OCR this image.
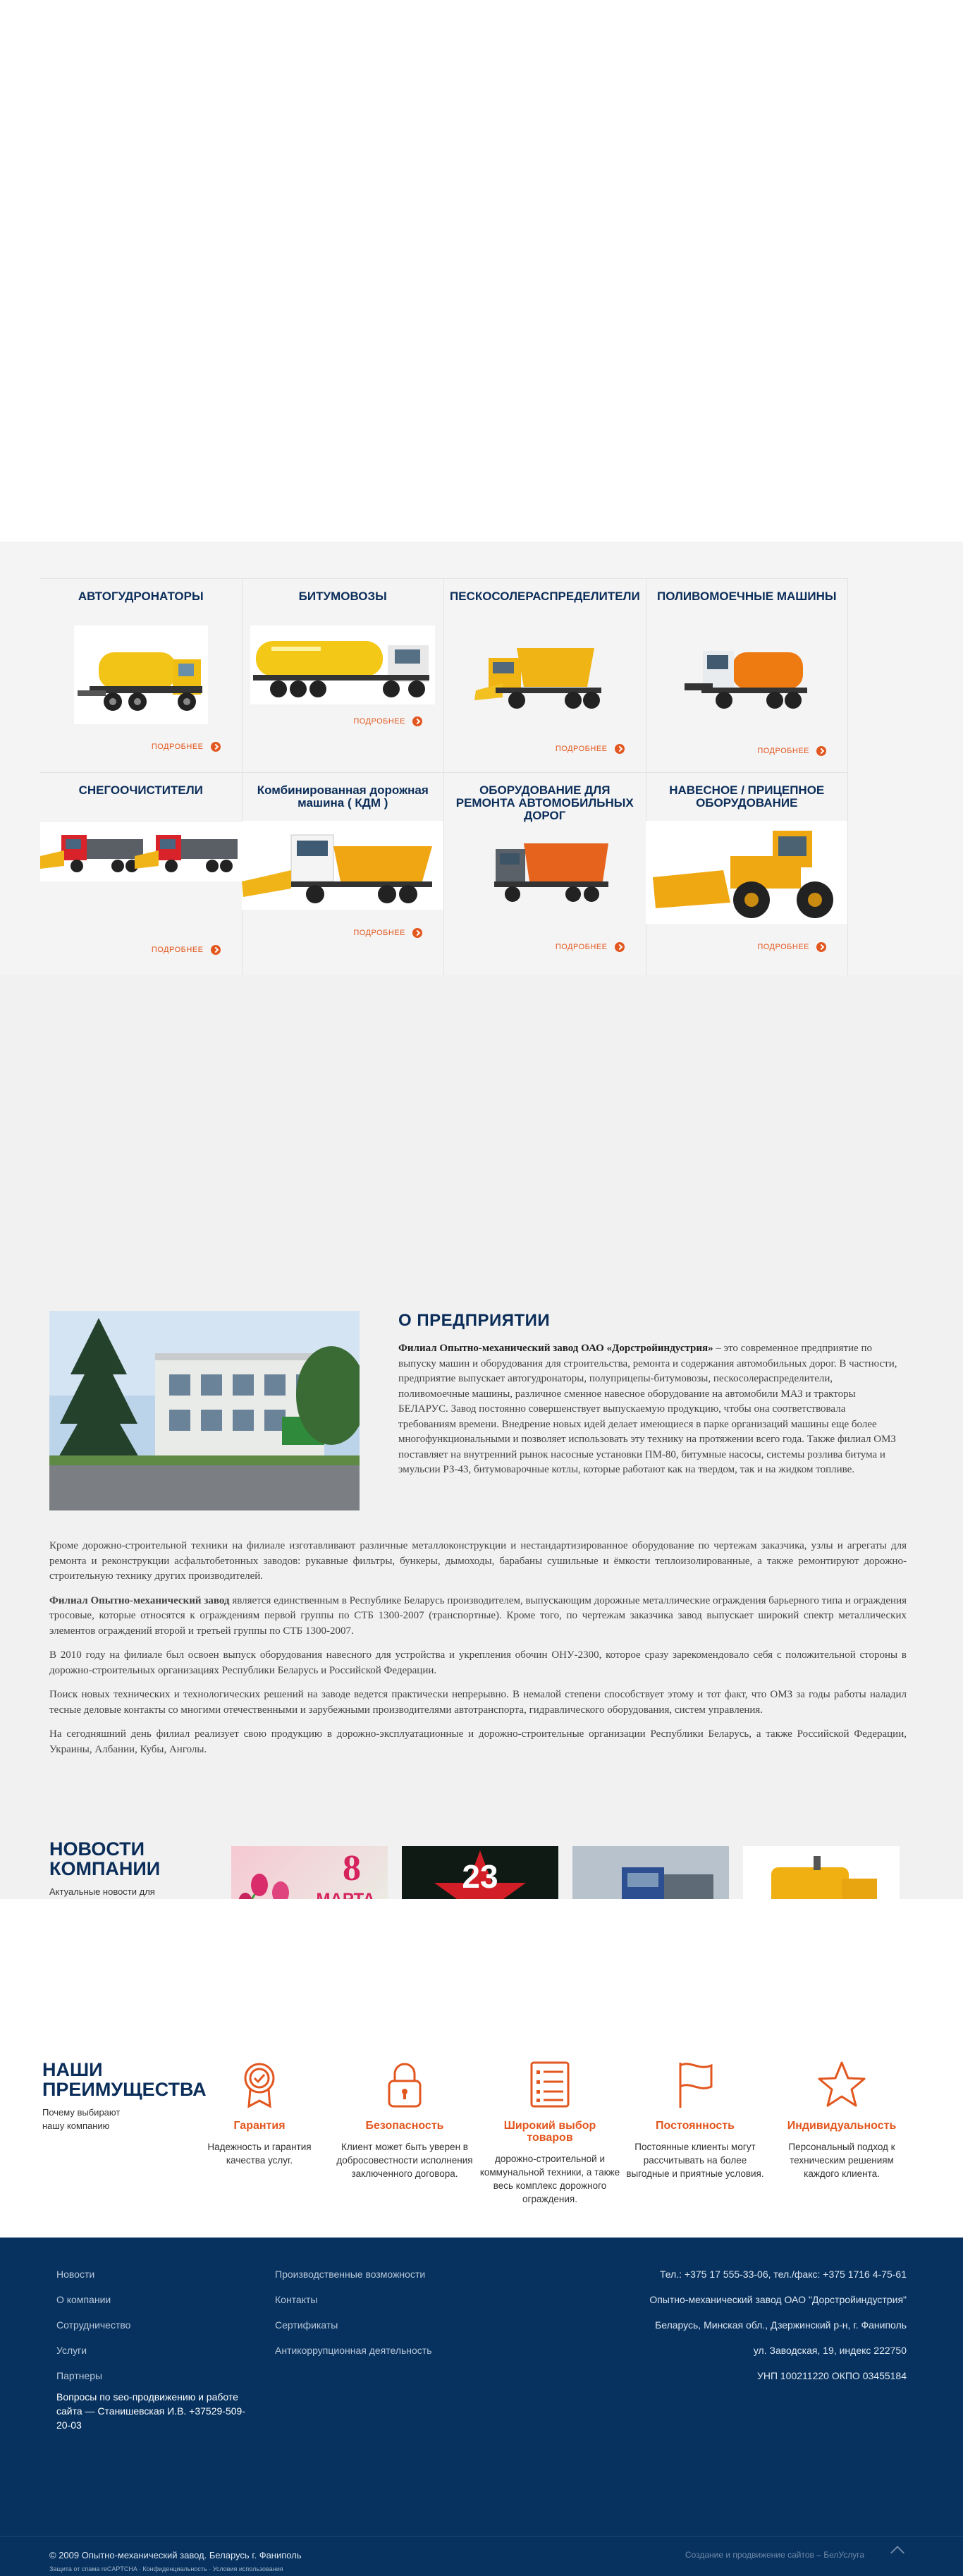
АВТОГУДРОНАТОРЫ
ПОДРОБНЕЕ
БИТУМОВОЗЫ
ПОДРОБНЕЕ
ПЕСКОСОЛЕРАСПРЕДЕЛИТЕЛИ
ПОДРОБНЕЕ
ПОЛИВОМОЕЧНЫЕ МАШИНЫ
ПОДРОБНЕЕ
СНЕГООЧИСТИТЕЛИ
ПОДРОБНЕЕ
Комбинированная дорожная машина ( КДМ )
ПОДРОБНЕЕ
ОБОРУДОВАНИЕ ДЛЯ РЕМОНТА АВТОМОБИЛЬНЫХ ДОРОГ
ПОДРОБНЕЕ
НАВЕСНОЕ / ПРИЦЕПНОЕ ОБОРУДОВАНИЕ
ПОДРОБНЕЕ
О ПРЕДПРИЯТИИ
Филиал Опытно-механический завод ОАО «Дорстройиндустрия» – это современное предприятие по выпуску машин и оборудования для строительства, ремонта и содержания автомобильных дорог. В частности, предприятие выпускает автогудронаторы, полуприцепы-битумовозы, пескосолераспределители, поливомоечные машины, различное сменное навесное оборудование на автомобили МАЗ и тракторы БЕЛАРУС. Завод постоянно совершенствует выпускаемую продукцию, чтобы она соответствовала требованиям времени. Внедрение новых идей делает имеющиеся в парке организаций машины еще более многофункциональными и позволяет использовать эту технику на протяжении всего года. Также филиал ОМЗ поставляет на внутренний рынок насосные установки ПМ-80, битумные насосы, системы розлива битума и эмульсии РЗ-43, битумоварочные котлы, которые работают как на твердом, так и на жидком топливе.

Кроме дорожно-строительной техники на филиале изготавливают различные металлоконструкции и нестандартизированное оборудование по чертежам заказчика, узлы и агрегаты для ремонта и реконструкции асфальтобетонных заводов: рукавные фильтры, бункеры, дымоходы, барабаны сушильные и ёмкости теплоизолированные, а также ремонтируют дорожно-строительную технику других производителей.

Филиал Опытно-механический завод является единственным в Республике Беларусь производителем, выпускающим дорожные металлические ограждения барьерного типа и ограждения тросовые, которые относятся к ограждениям первой группы по СТБ 1300-2007 (транспортные). Кроме того, по чертежам заказчика завод выпускает широкий спектр металлических элементов ограждений второй и третьей группы по СТБ 1300-2007.

В 2010 году на филиале был освоен выпуск оборудования навесного для устройства и укрепления обочин ОНУ-2300, которое сразу зарекомендовало себя с положительной стороны в дорожно-строительных организациях Республики Беларусь и Российской Федерации.

Поиск новых технических и технологических решений на заводе ведется практически непрерывно. В немалой степени способствует этому и тот факт, что ОМЗ за годы работы наладил тесные деловые контакты со многими отечественными и зарубежными производителями автотранспорта, гидравлического оборудования, систем управления.

На сегодняшний день филиал реализует свою продукцию в дорожно-эксплуатационные и дорожно-строительные организации Республики Беларусь, а также Российской Федерации, Украины, Албании, Кубы, Анголы.

НОВОСТИ
КОМПАНИИ
Актуальные новости для
8	23
НАШИ
ПРЕИМУЩЕСТВА
Почему выбирают нашу компанию	Гарантия
Надежность и гарантия качества услуг.
Безопасность
Клиент может быть уверен в добросовестности исполнения заключенного договора.
Широкий выбор товаров
дорожно-строительной и коммунальной техники, а также весь комплекс дорожного ограждения.
Постоянность
Постоянные клиенты могут рассчитывать на более выгодные и приятные условия.
Индивидуальность
Персональный подход к техническим решениям каждого клиента.
Новости
О компании
Сотрудничество
Услуги
Партнеры
Производственные возможности
Контакты
Сертификаты
Антикоррупционная деятельность
Вопросы по seo-продвижению и работе сайта — Станишевская И.В. +37529-509-20-03
Тел.: +375 17 555-33-06, тел./факс: +375 1716 4-75-61
Опытно-механический завод ОАО "Дорстройиндустрия"
Беларусь, Минская обл., Дзержинский р-н, г. Фаниполь
ул. Заводская, 19, индекс 222750
УНП 100211220 ОКПО 03455184
© 2009 Опытно-механический завод. Беларусь г. Фаниполь
Защита от спама reCAPTCHA · Конфиденциальность · Условия использования
Создание и продвижение сайтов – БелУслуга
